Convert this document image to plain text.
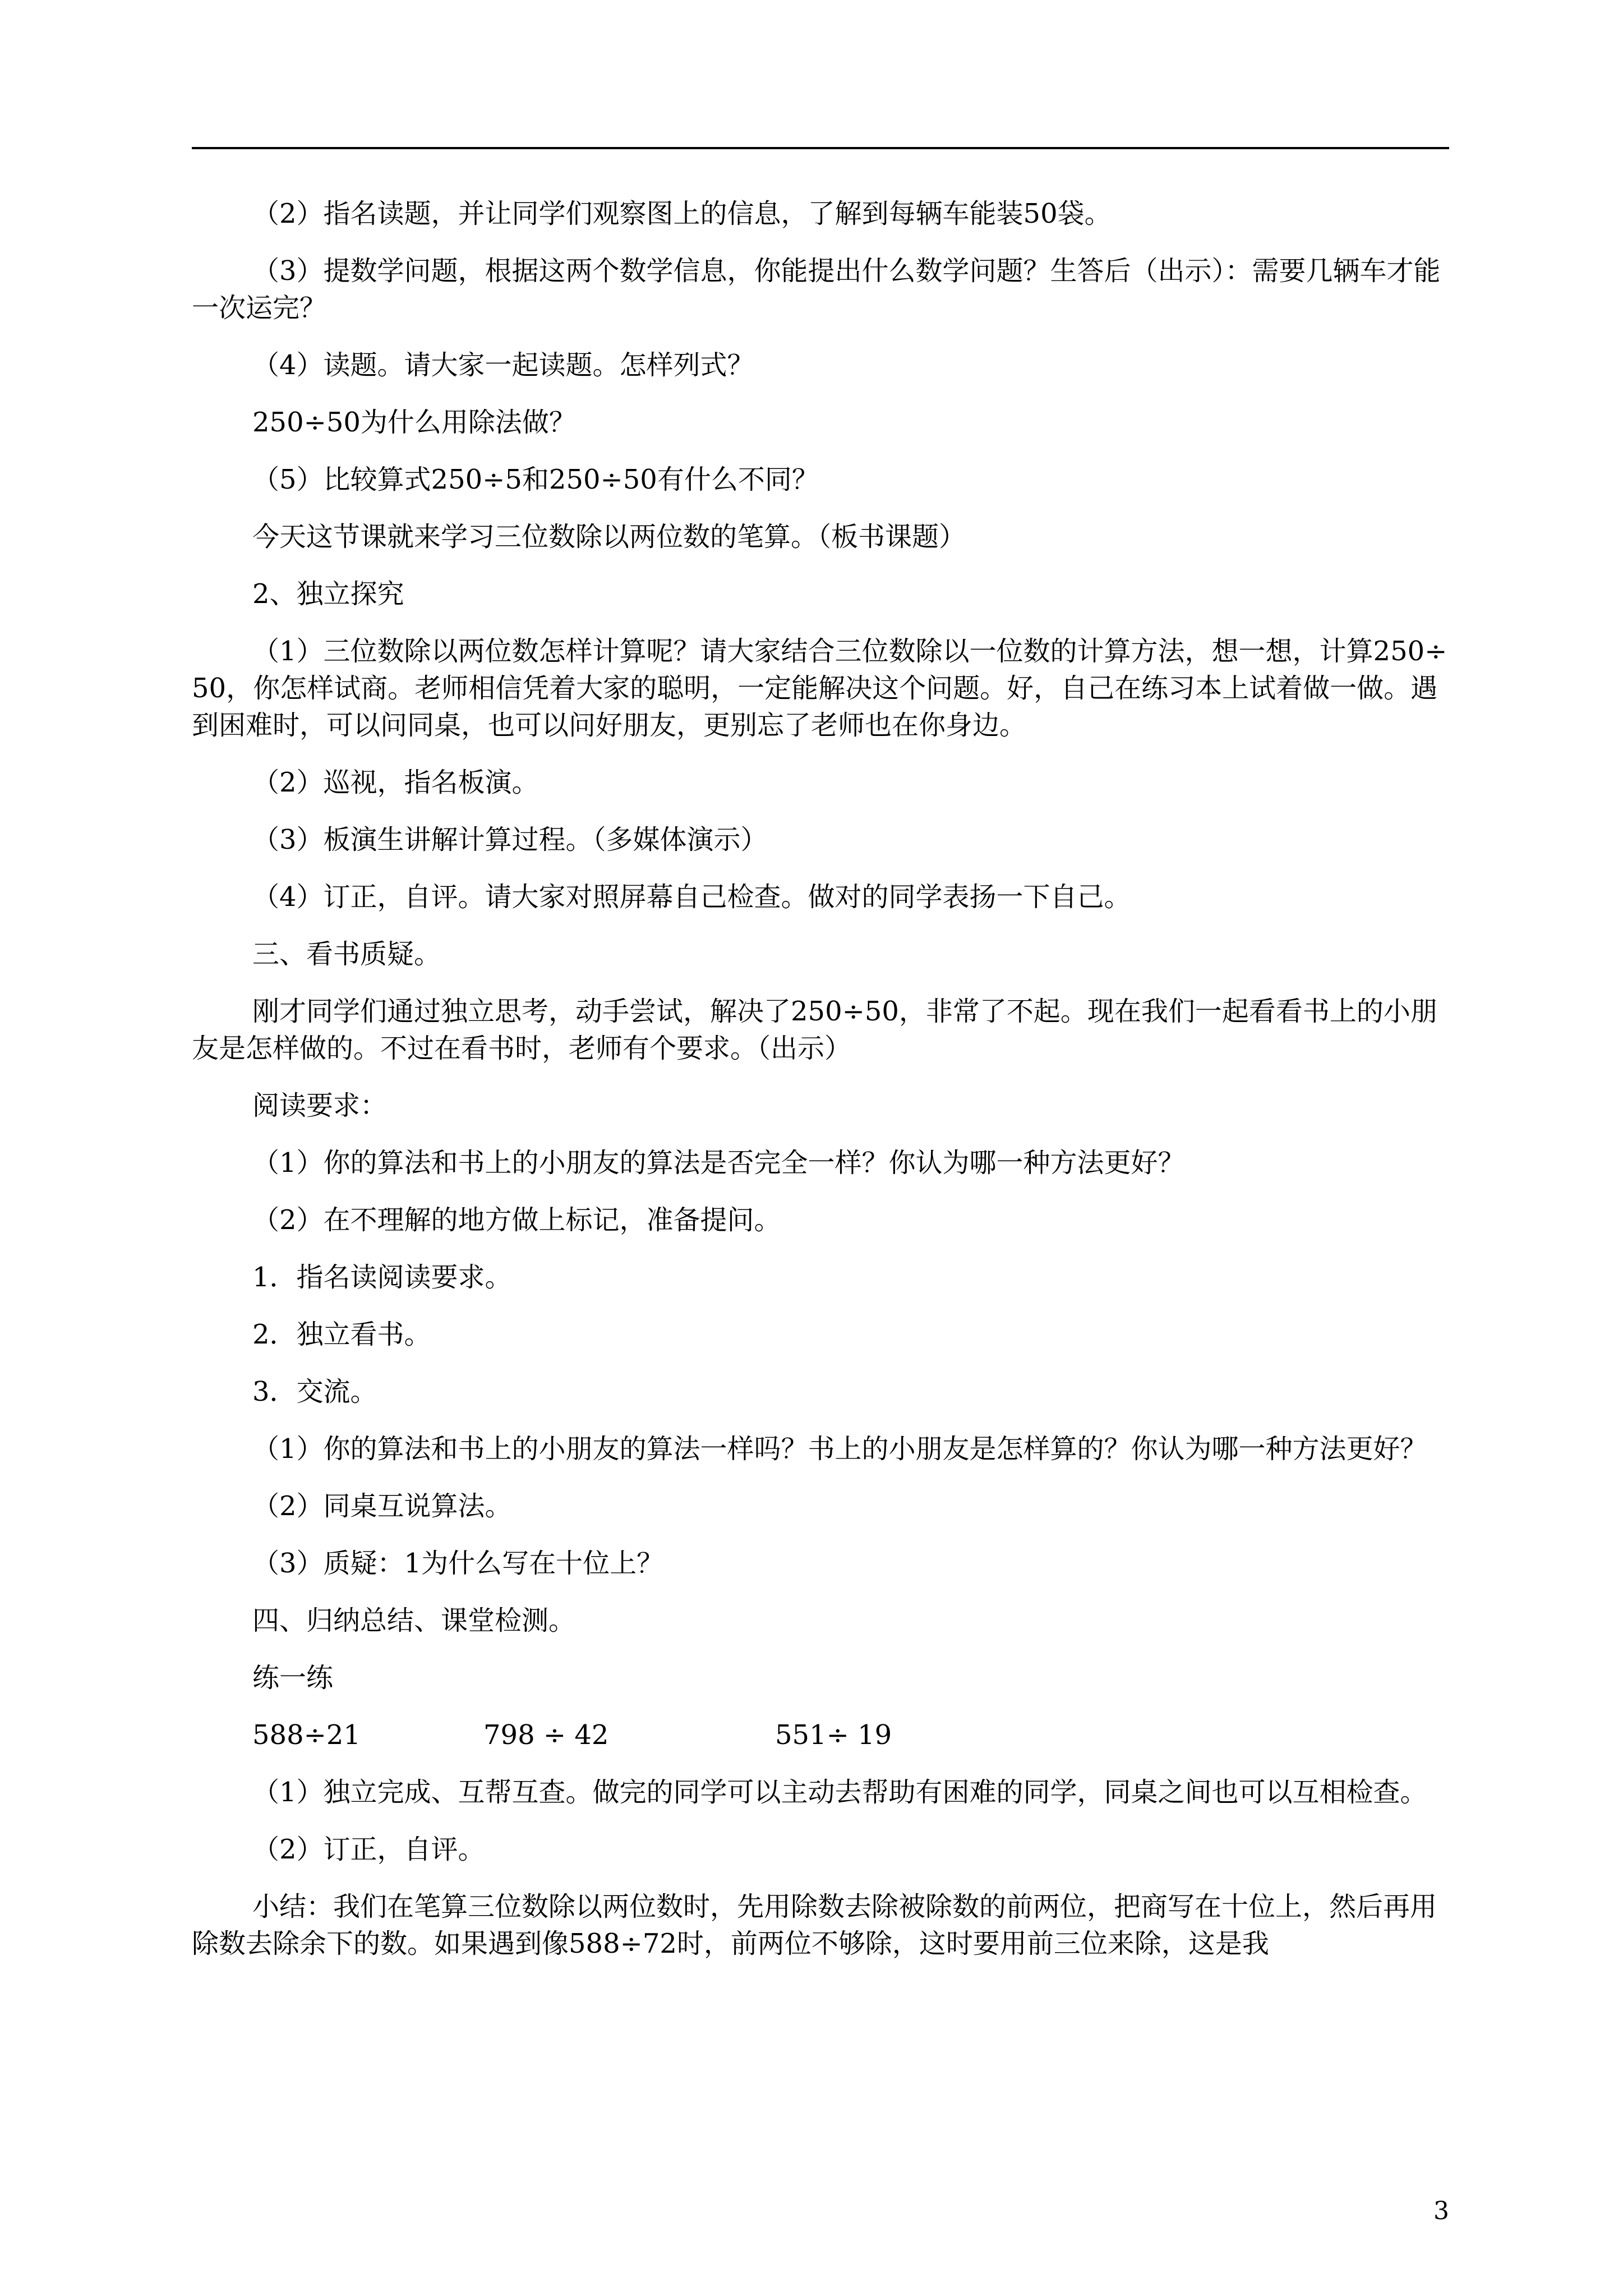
（2）指名读题，并让同学们观察图上的信息，了解到每辆车能装50袋。

（3）提数学问题，根据这两个数学信息，你能提出什么数学问题？生答后（出示）：需要几辆车才能一次运完？

（4）读题。请大家一起读题。怎样列式？

250÷50为什么用除法做？

（5）比较算式250÷5和250÷50有什么不同？

今天这节课就来学习三位数除以两位数的笔算。（板书课题）

2、独立探究

（1）三位数除以两位数怎样计算呢？请大家结合三位数除以一位数的计算方法，想一想，计算250÷50，你怎样试商。老师相信凭着大家的聪明，一定能解决这个问题。好，自己在练习本上试着做一做。遇到困难时，可以问同桌，也可以问好朋友，更别忘了老师也在你身边。

（2）巡视，指名板演。

（3）板演生讲解计算过程。（多媒体演示）

（4）订正，自评。请大家对照屏幕自己检查。做对的同学表扬一下自己。

三、看书质疑。

刚才同学们通过独立思考，动手尝试，解决了250÷50，非常了不起。现在我们一起看看书上的小朋友是怎样做的。不过在看书时，老师有个要求。（出示）

阅读要求：

（1）你的算法和书上的小朋友的算法是否完全一样？你认为哪一种方法更好？

（2）在不理解的地方做上标记，准备提问。

1．指名读阅读要求。

2．独立看书。

3．交流。

（1）你的算法和书上的小朋友的算法一样吗？书上的小朋友是怎样算的？你认为哪一种方法更好？

（2）同桌互说算法。

（3）质疑：1为什么写在十位上？

四、归纳总结、课堂检测。

练一练

588÷21	798 ÷ 42	551÷ 19

（1）独立完成、互帮互查。做完的同学可以主动去帮助有困难的同学，同桌之间也可以互相检查。

（2）订正，自评。

小结：我们在笔算三位数除以两位数时，先用除数去除被除数的前两位，把商写在十位上，然后再用除数去除余下的数。如果遇到像588÷72时，前两位不够除，这时要用前三位来除，这是我

3
